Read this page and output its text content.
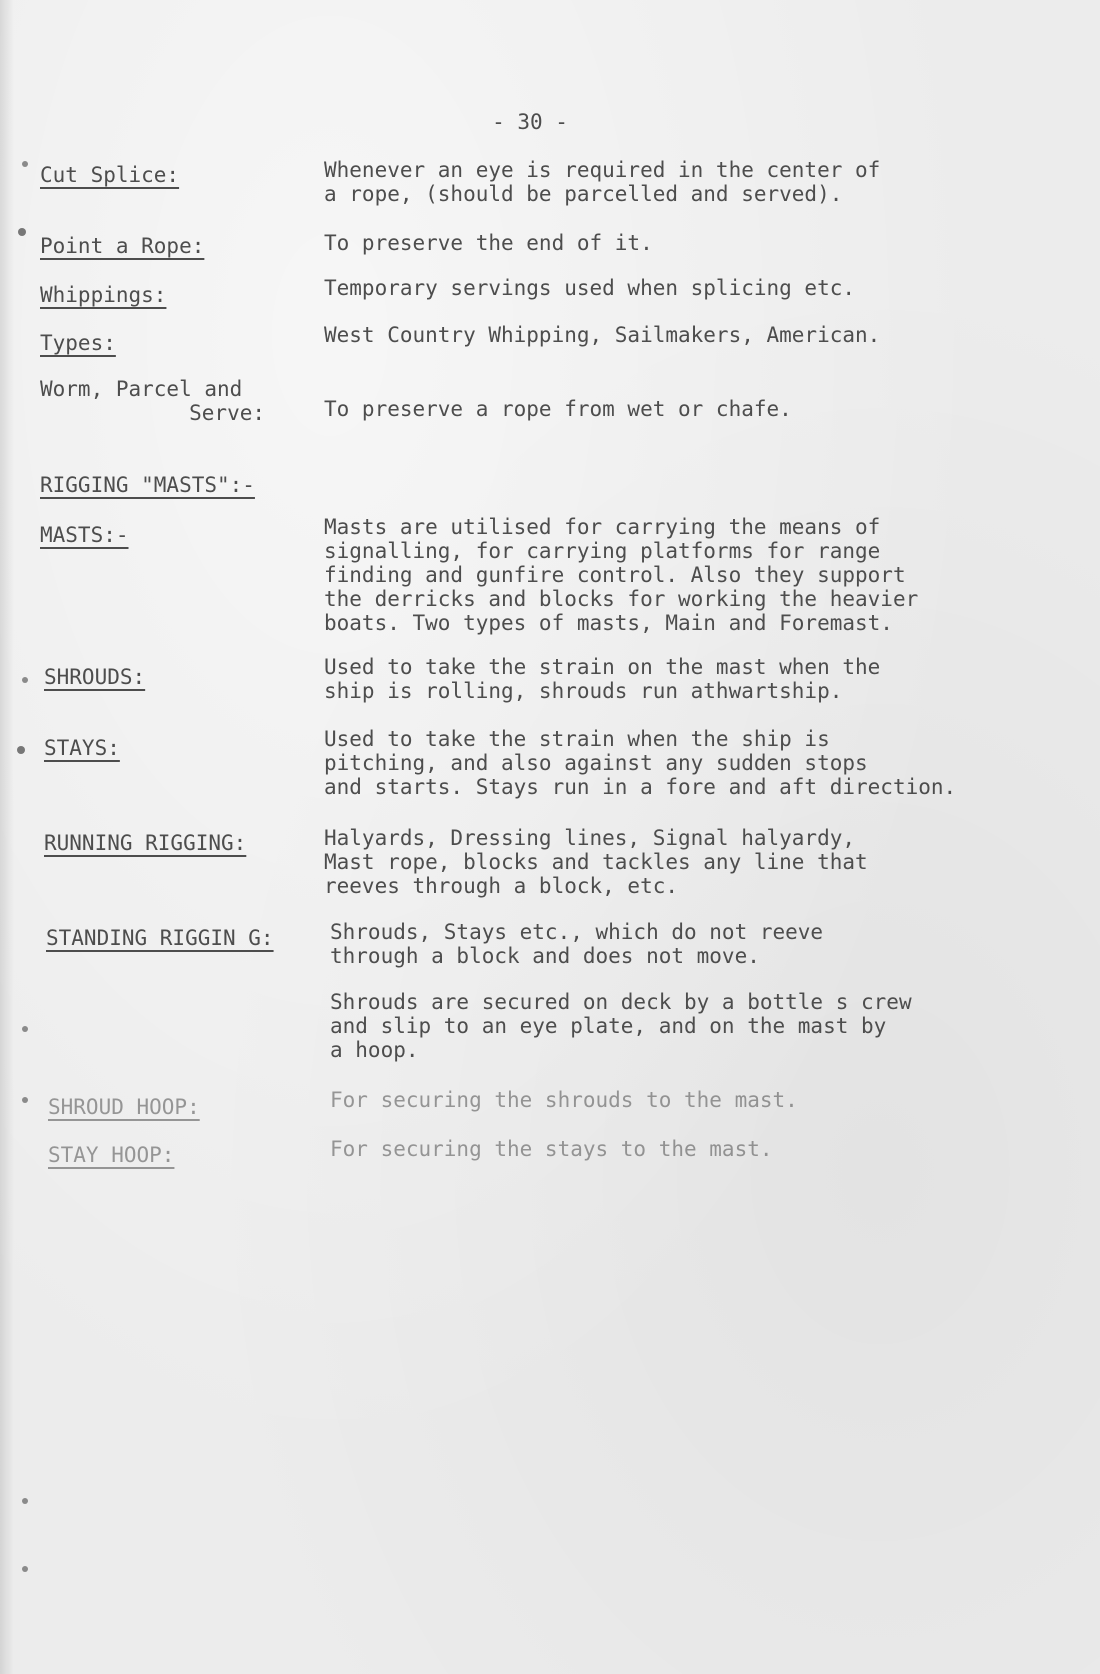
- 30 -
Cut Splice:	Whenever an eye is required in the center of
a rope, (should be parcelled and served).
Point a Rope:	To preserve the end of it.
Whippings:	Temporary servings used when splicing etc.
Types:	West Country Whipping, Sailmakers, American.
Worm, Parcel and
Serve:	To preserve a rope from wet or chafe.
RIGGING "MASTS":-
MASTS:-	Masts are utilised for carrying the means of
signalling, for carrying platforms for range
finding and gunfire control. Also they support
the derricks and blocks for working the heavier
boats. Two types of masts, Main and Foremast.
SHROUDS:	Used to take the strain on the mast when the
ship is rolling, shrouds run athwartship.
STAYS:	Used to take the strain when the ship is
pitching, and also against any sudden stops
and starts. Stays run in a fore and aft direction.
RUNNING RIGGING:	Halyards, Dressing lines, Signal halyardy,
Mast rope, blocks and tackles any line that
reeves through a block, etc.
STANDING RIGGIN G:	Shrouds, Stays etc., which do not reeve
through a block and does not move.
Shrouds are secured on deck by a bottle s crew
and slip to an eye plate, and on the mast by
a hoop.
SHROUD HOOP:	For securing the shrouds to the mast.
STAY HOOP:	For securing the stays to the mast.
